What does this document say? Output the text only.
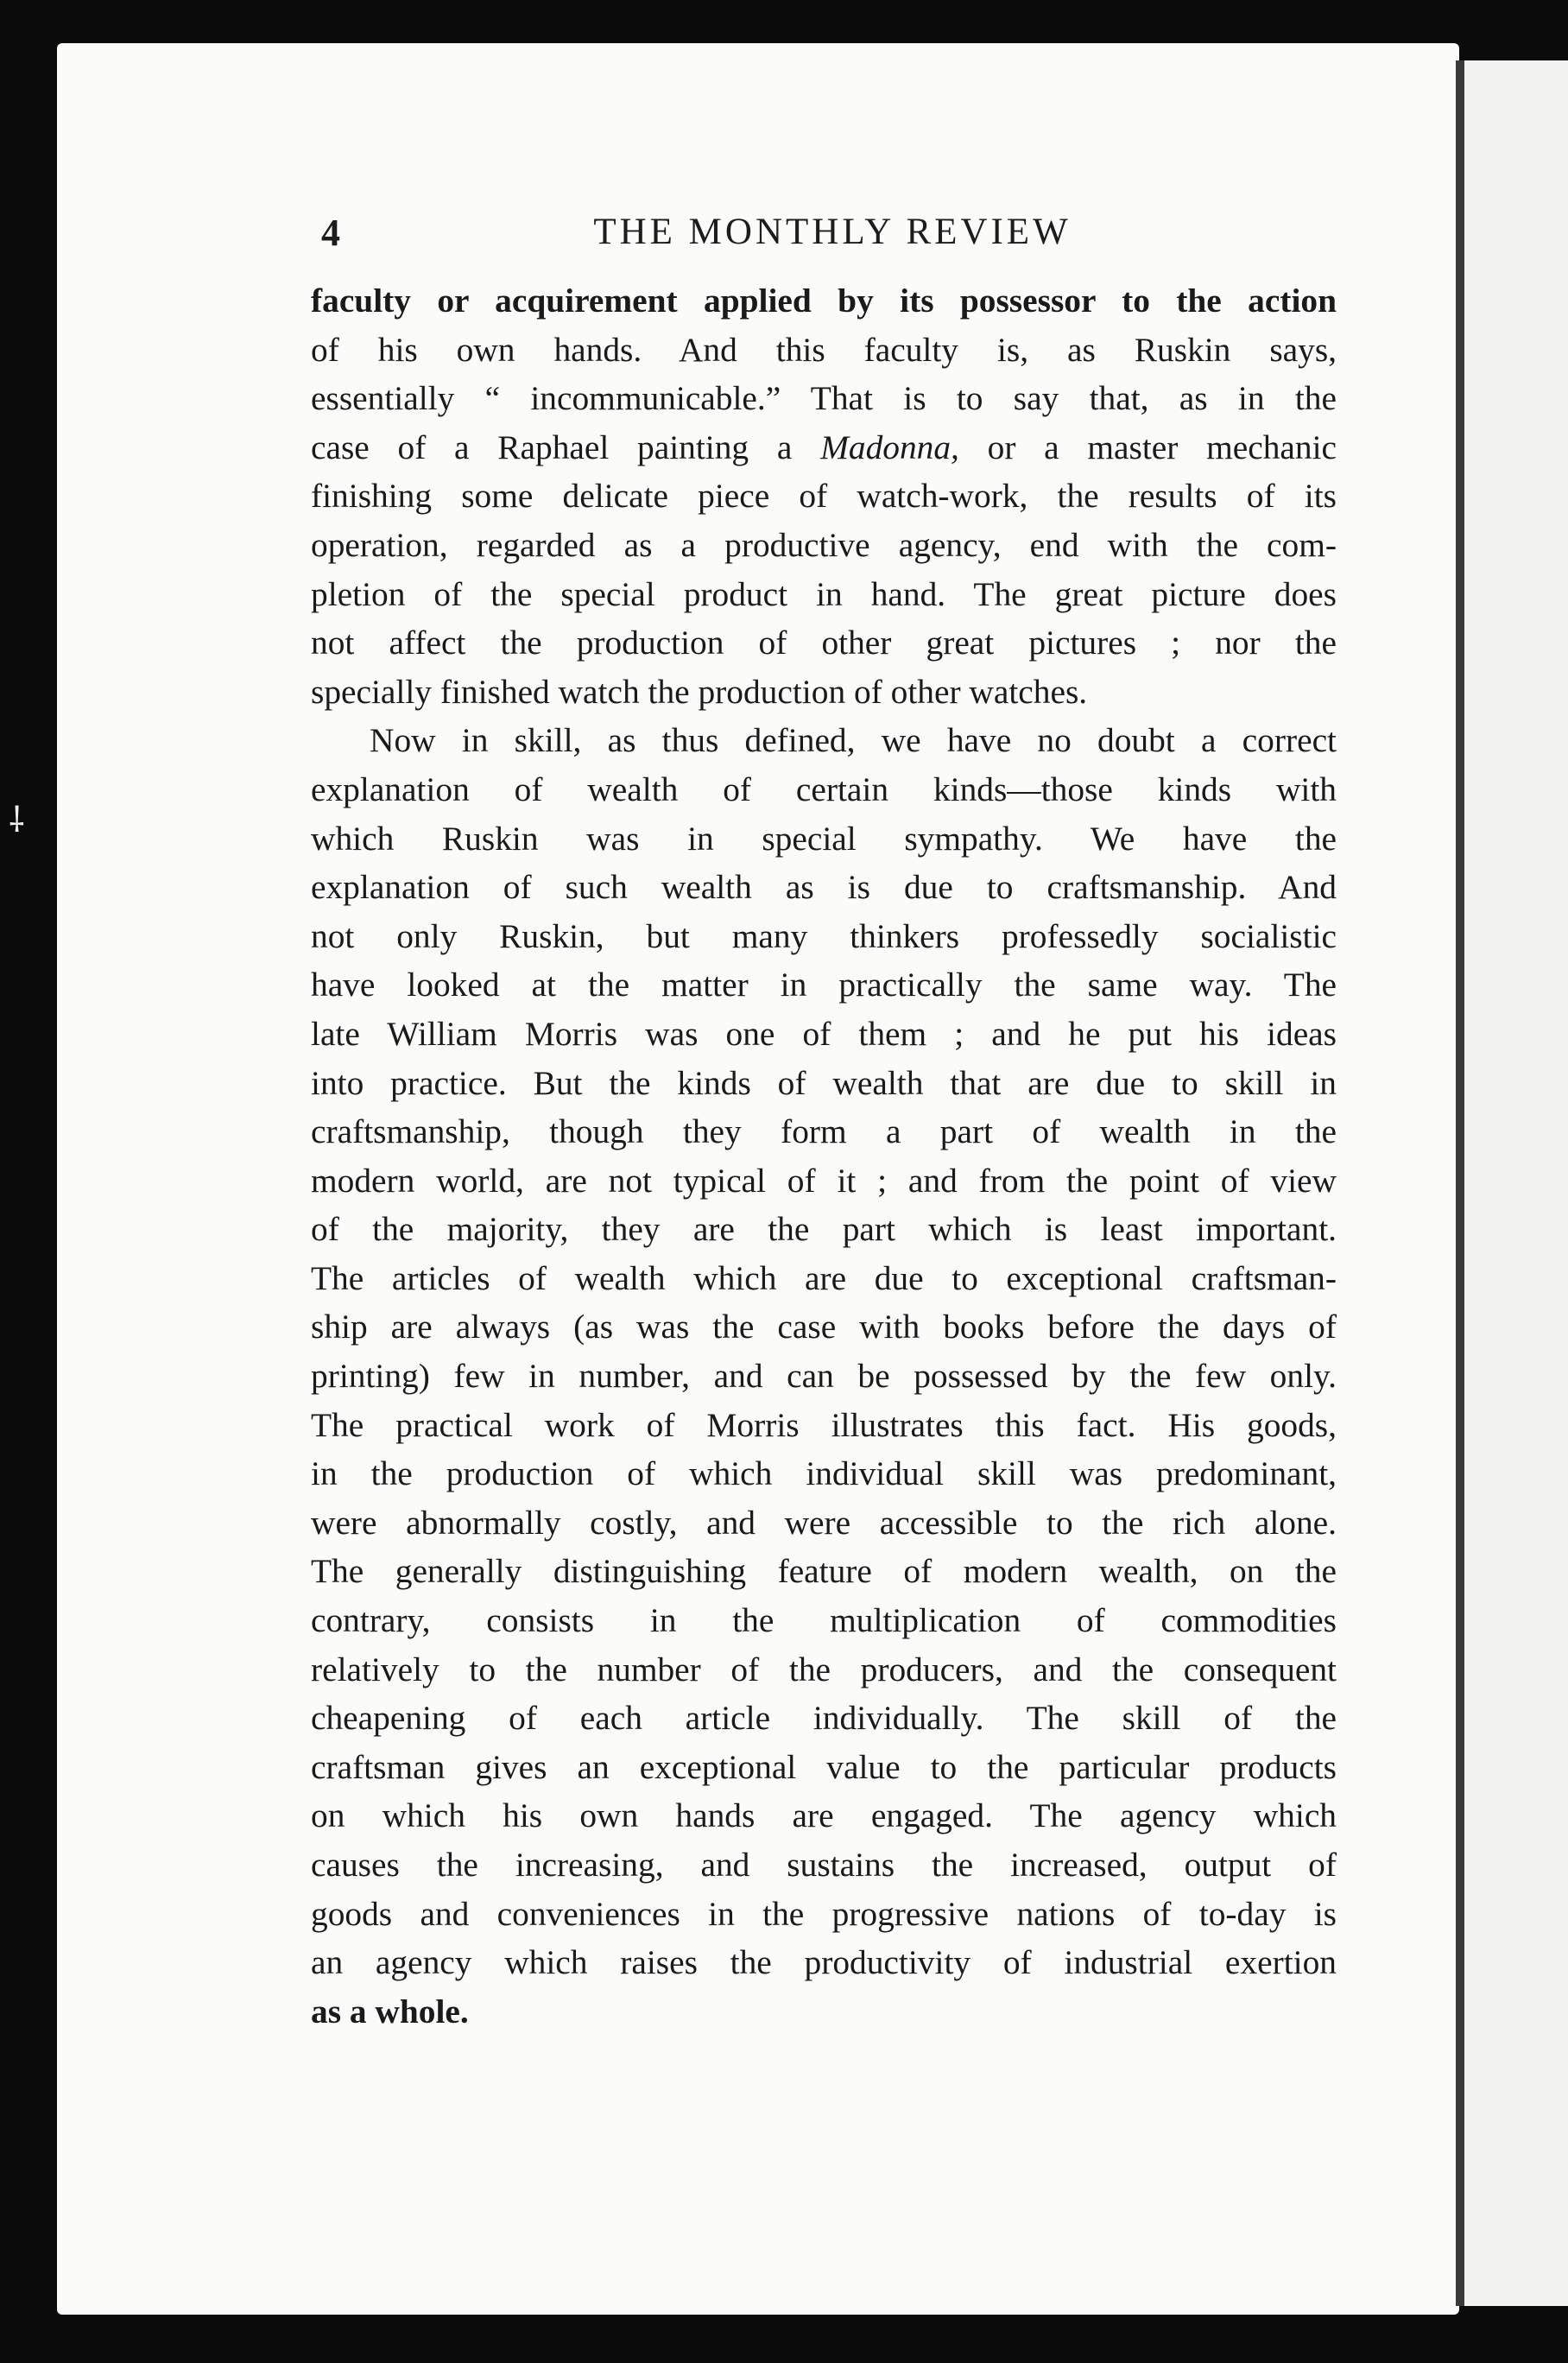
⸸
4	THE MONTHLY REVIEW

faculty or acquirement applied by its possessor to the action

of his own hands. And this faculty is, as Ruskin says,

essentially “ incommunicable.” That is to say that, as in the

case of a Raphael painting a Madonna, or a master mechanic

finishing some delicate piece of watch-work, the results of its

operation, regarded as a productive agency, end with the com-

pletion of the special product in hand. The great picture does

not affect the production of other great pictures ; nor the

specially finished watch the production of other watches.

Now in skill, as thus defined, we have no doubt a correct

explanation of wealth of certain kinds—those kinds with

which Ruskin was in special sympathy. We have the

explanation of such wealth as is due to craftsmanship. And

not only Ruskin, but many thinkers professedly socialistic

have looked at the matter in practically the same way. The

late William Morris was one of them ; and he put his ideas

into practice. But the kinds of wealth that are due to skill in

craftsmanship, though they form a part of wealth in the

modern world, are not typical of it ; and from the point of view

of the majority, they are the part which is least important.

The articles of wealth which are due to exceptional craftsman-

ship are always (as was the case with books before the days of

printing) few in number, and can be possessed by the few only.

The practical work of Morris illustrates this fact. His goods,

in the production of which individual skill was predominant,

were abnormally costly, and were accessible to the rich alone.

The generally distinguishing feature of modern wealth, on the

contrary, consists in the multiplication of commodities

relatively to the number of the producers, and the consequent

cheapening of each article individually. The skill of the

craftsman gives an exceptional value to the particular products

on which his own hands are engaged. The agency which

causes the increasing, and sustains the increased, output of

goods and conveniences in the progressive nations of to-day is

an agency which raises the productivity of industrial exertion

as a whole.
